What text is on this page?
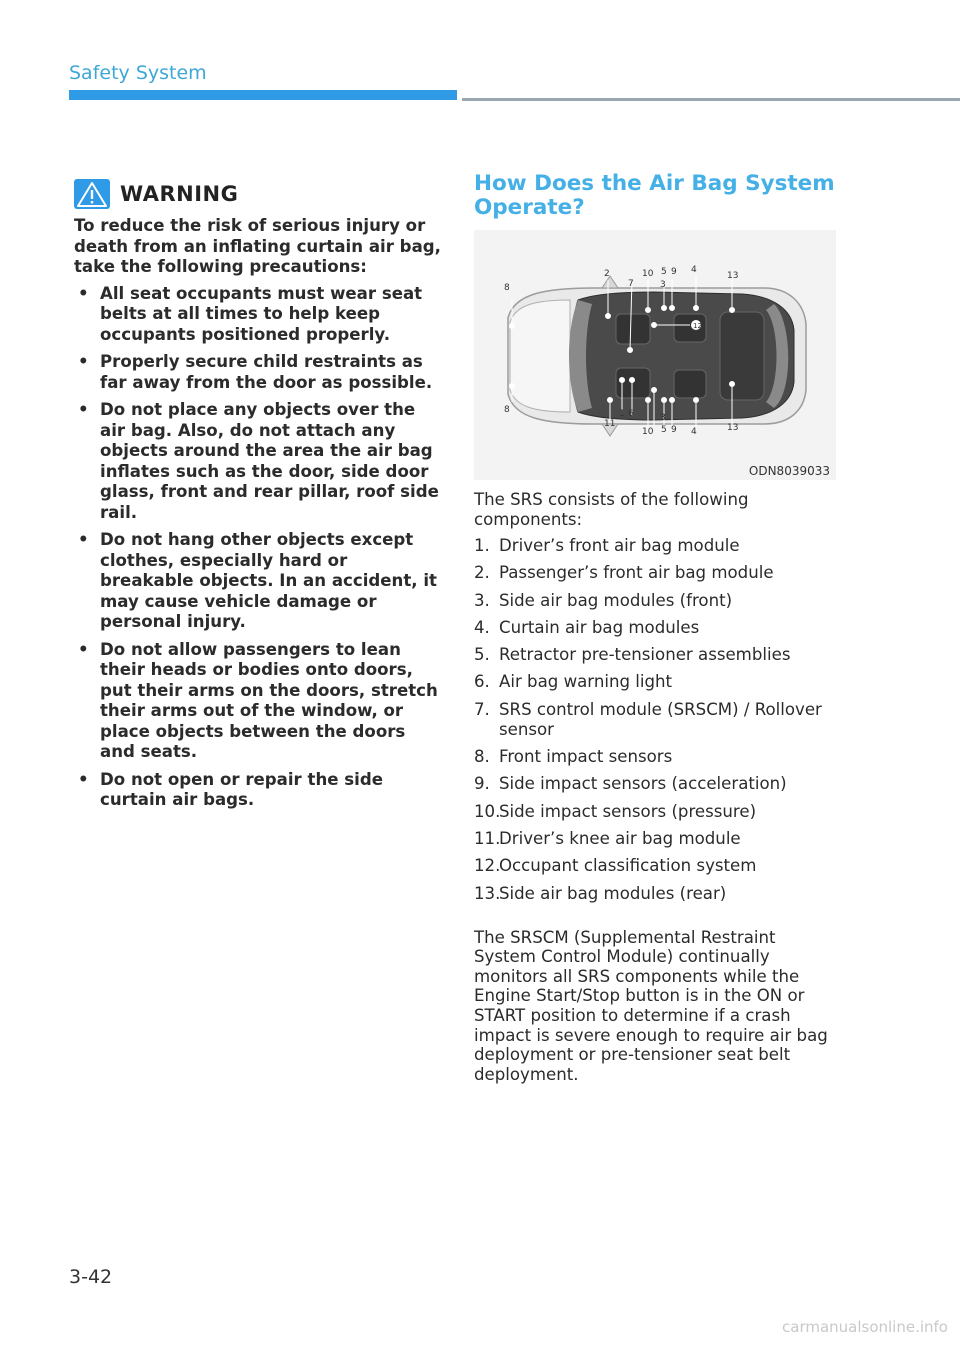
Safety System
WARNING
To reduce the risk of serious injury or death from an inflating curtain air bag, take the following precautions:
• All seat occupants must wear seat belts at all times to help keep occupants positioned properly.
• Properly secure child restraints as far away from the door as possible.
• Do not place any objects over the air bag. Also, do not attach any objects around the area the air bag inflates such as the door, side door glass, front and rear pillar, roof side rail.
• Do not hang other objects except clothes, especially hard or breakable objects. In an accident, it may cause vehicle damage or personal injury.
• Do not allow passengers to lean their heads or bodies onto doors, put their arms on the doors, stretch their arms out of the window, or place objects between the doors and seats.
• Do not open or repair the side curtain air bags.
How Does the Air Bag System Operate?
2
7
10 5 9 4
13
3
8
12
8
11
1 6	3
10 5 9 4	13
ODN8039033
The SRS consists of the following components:
1. Driver’s front air bag module
2. Passenger’s front air bag module
3. Side air bag modules (front)
4. Curtain air bag modules
5. Retractor pre-tensioner assemblies
6. Air bag warning light
7. SRS control module (SRSCM) / Rollover sensor
8. Front impact sensors
9. Side impact sensors (acceleration)
10.
Side impact sensors (pressure)
11.
Driver’s knee air bag module
12.
Occupant classification system
13.
Side air bag modules (rear)
The SRSCM (Supplemental Restraint System Control Module) continually monitors all SRS components while the Engine Start/Stop button is in the ON or START position to determine if a crash impact is severe enough to require air bag deployment or pre-tensioner seat belt deployment.
3-42
carmanualsonline.info
